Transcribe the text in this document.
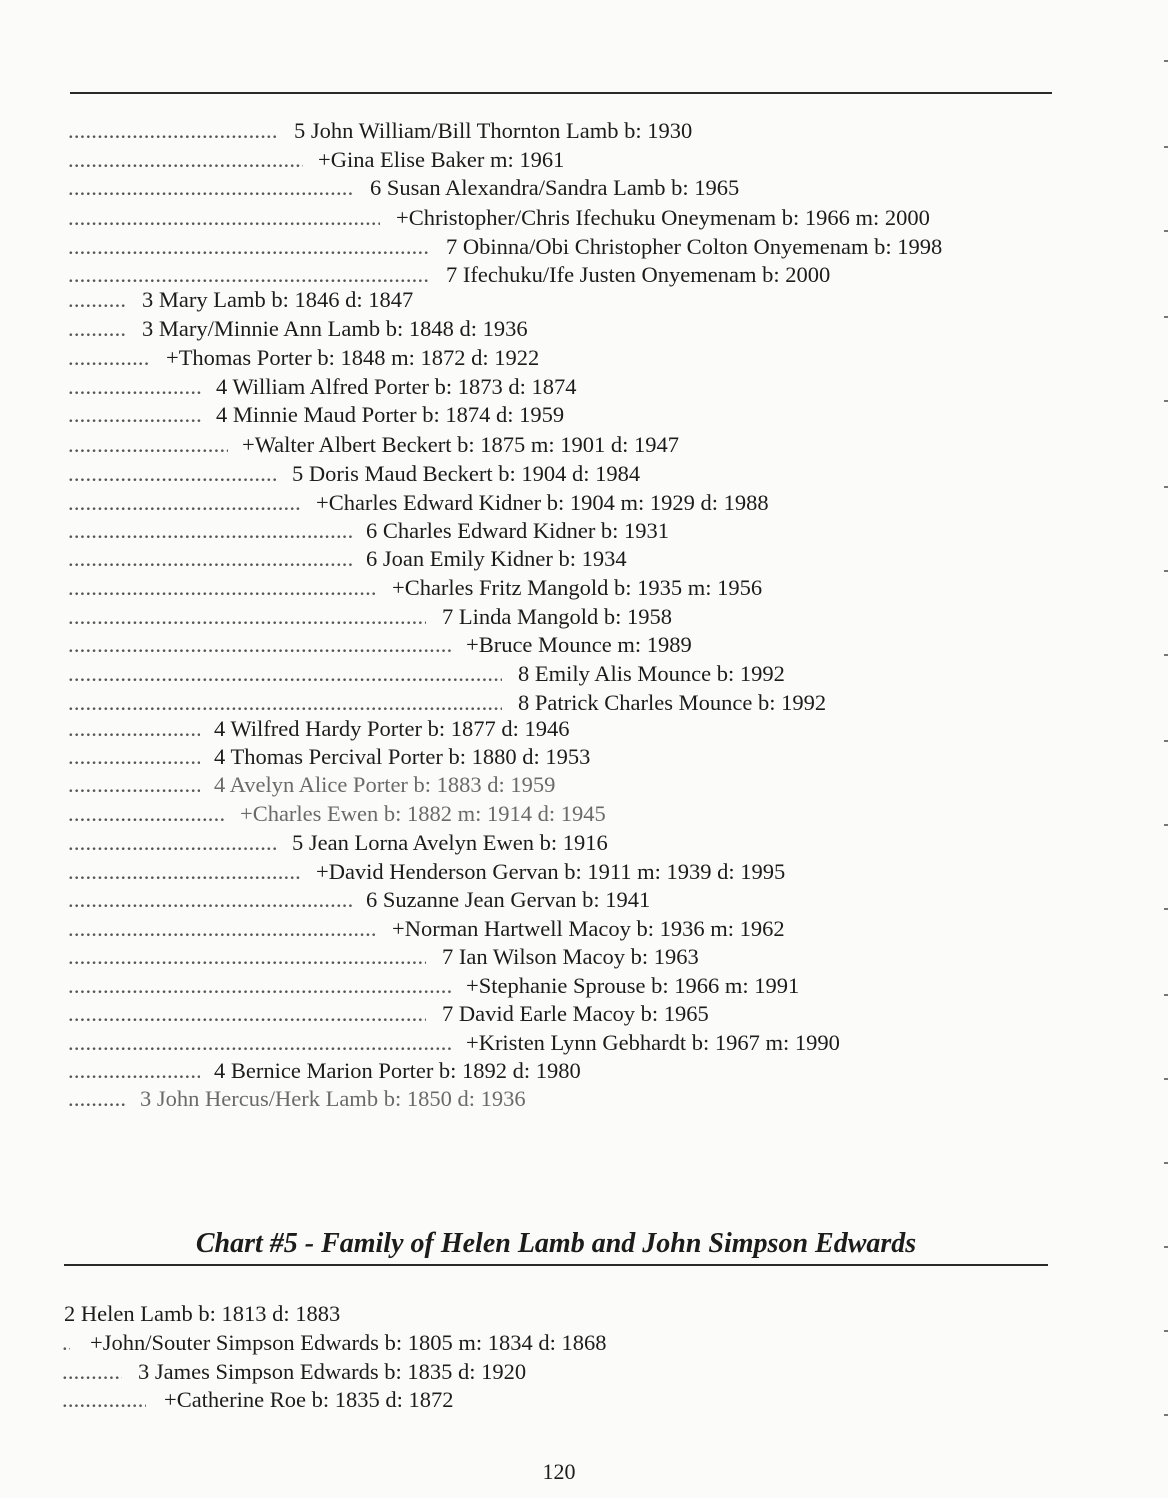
.....
5 John William/Bill Thornton Lamb b: 1930
.....
+Gina Elise Baker m: 1961
.....
6 Susan Alexandra/Sandra Lamb b: 1965
.....
+Christopher/Chris Ifechuku Oneymenam b: 1966 m: 2000
.....
7 Obinna/Obi Christopher Colton Onyemenam b: 1998
.....
7 Ifechuku/Ife Justen Onyemenam b: 2000
.....
3 Mary Lamb b: 1846 d: 1847
.....
3 Mary/Minnie Ann Lamb b: 1848 d: 1936
.....
+Thomas Porter b: 1848 m: 1872 d: 1922
.....
4 William Alfred Porter b: 1873 d: 1874
.....
4 Minnie Maud Porter b: 1874 d: 1959
.....
+Walter Albert Beckert b: 1875 m: 1901 d: 1947
.....
5 Doris Maud Beckert b: 1904 d: 1984
.....
+Charles Edward Kidner b: 1904 m: 1929 d: 1988
.....
6 Charles Edward Kidner b: 1931
.....
6 Joan Emily Kidner b: 1934
.....
+Charles Fritz Mangold b: 1935 m: 1956
.....
7 Linda Mangold b: 1958
.....
+Bruce Mounce m: 1989
.....
8 Emily Alis Mounce b: 1992
.....
8 Patrick Charles Mounce b: 1992
.....
4 Wilfred Hardy Porter b: 1877 d: 1946
.....
4 Thomas Percival Porter b: 1880 d: 1953
.....
4 Avelyn Alice Porter b: 1883 d: 1959
.....
+Charles Ewen b: 1882 m: 1914 d: 1945
.....
5 Jean Lorna Avelyn Ewen b: 1916
.....
+David Henderson Gervan b: 1911 m: 1939 d: 1995
.....
6 Suzanne Jean Gervan b: 1941
.....
+Norman Hartwell Macoy b: 1936 m: 1962
.....
7 Ian Wilson Macoy b: 1963
.....
+Stephanie Sprouse b: 1966 m: 1991
.....
7 David Earle Macoy b: 1965
.....
+Kristen Lynn Gebhardt b: 1967 m: 1990
.....
4 Bernice Marion Porter b: 1892 d: 1980
.....
3 John Hercus/Herk Lamb b: 1850 d: 1936
Chart #5 - Family of Helen Lamb and John Simpson Edwards
2 Helen Lamb b: 1813 d: 1883
.....
+John/Souter Simpson Edwards b: 1805 m: 1834 d: 1868
.....
3 James Simpson Edwards b: 1835 d: 1920
.....
+Catherine Roe b: 1835 d: 1872
120
